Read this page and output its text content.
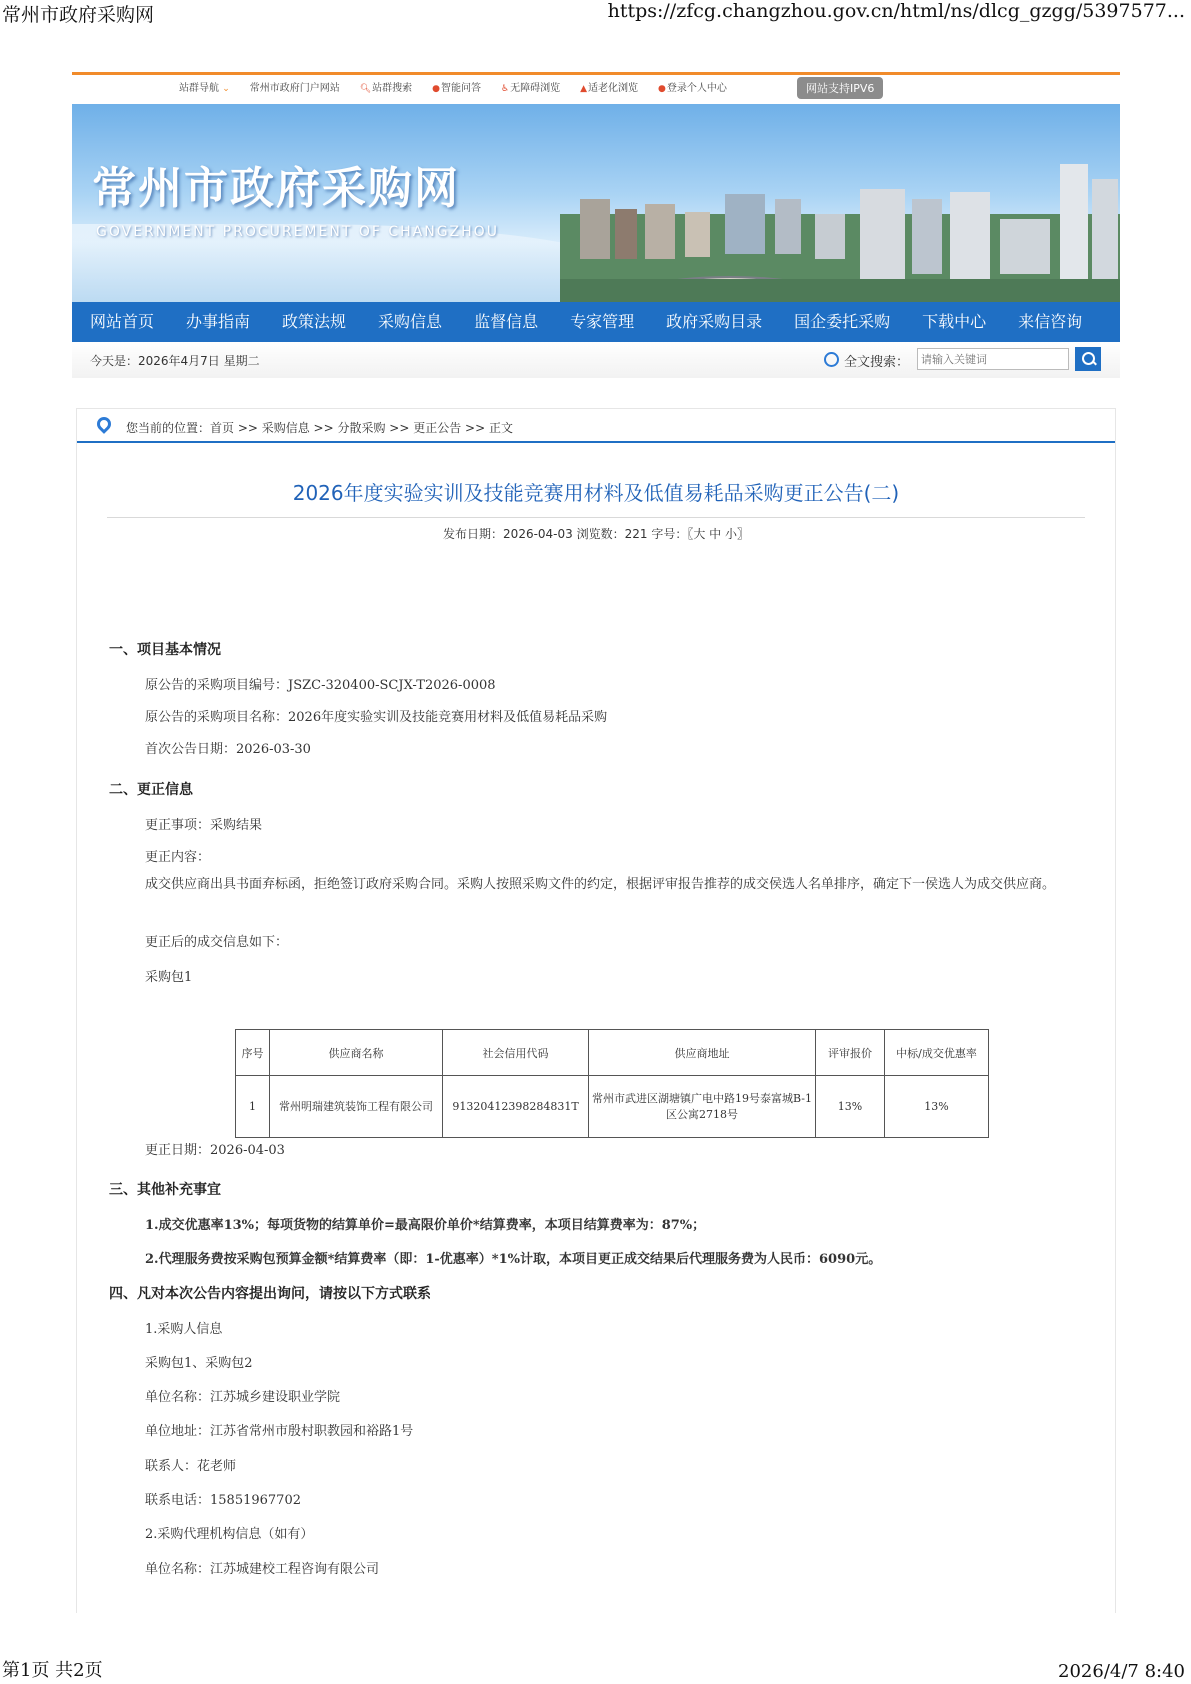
常州市政府采购网	https://zfcg.changzhou.gov.cn/html/ns/dlcg_gzgg/5397577...
站群导航 ⌄ 常州市政府门户网站 🔍︎站群搜索 ●智能问答 ♿︎无障碍浏览 ▲适老化浏览 ●登录个人中心	网站支持IPV6
常州市政府采购网
GOVERNMENT PROCUREMENT OF CHANGZHOU
网站首页	办事指南	政策法规	采购信息	监督信息	专家管理	政府采购目录	国企委托采购	下载中心	来信咨询
今天是：2026年4月7日 星期二	全文搜索：
请输入关键词
您当前的位置：首页 >> 采购信息 >> 分散采购 >> 更正公告 >> 正文
2026年度实验实训及技能竞赛用材料及低值易耗品采购更正公告(二)
发布日期：2026-04-03 浏览数：221 字号：〖大 中 小〗
一、项目基本情况
原公告的采购项目编号：JSZC-320400-SCJX-T2026-0008
原公告的采购项目名称：2026年度实验实训及技能竞赛用材料及低值易耗品采购
首次公告日期：2026-03-30
二、更正信息
更正事项：采购结果
更正内容：
成交供应商出具书面弃标函，拒绝签订政府采购合同。采购人按照采购文件的约定，根据评审报告推荐的成交侯选人名单排序，确定下一侯选人为成交供应商。
更正后的成交信息如下：
采购包1
序号	供应商名称	社会信用代码	供应商地址	评审报价	中标/成交优惠率
1	常州明瑞建筑装饰工程有限公司	91320412398284831T	常州市武进区湖塘镇广电中路19号泰富城B-1区公寓2718号	13%	13%
更正日期：2026-04-03
三、其他补充事宜
1.成交优惠率13%；每项货物的结算单价=最高限价单价*结算费率，本项目结算费率为：87%；
2.代理服务费按采购包预算金额*结算费率（即：1-优惠率）*1%计取，本项目更正成交结果后代理服务费为人民币：6090元。
四、凡对本次公告内容提出询问，请按以下方式联系
1.采购人信息
采购包1、采购包2
单位名称：江苏城乡建设职业学院
单位地址：江苏省常州市殷村职教园和裕路1号
联系人：花老师
联系电话：15851967702
2.采购代理机构信息（如有）
单位名称：江苏城建校工程咨询有限公司
第1页 共2页	2026/4/7 8:40
